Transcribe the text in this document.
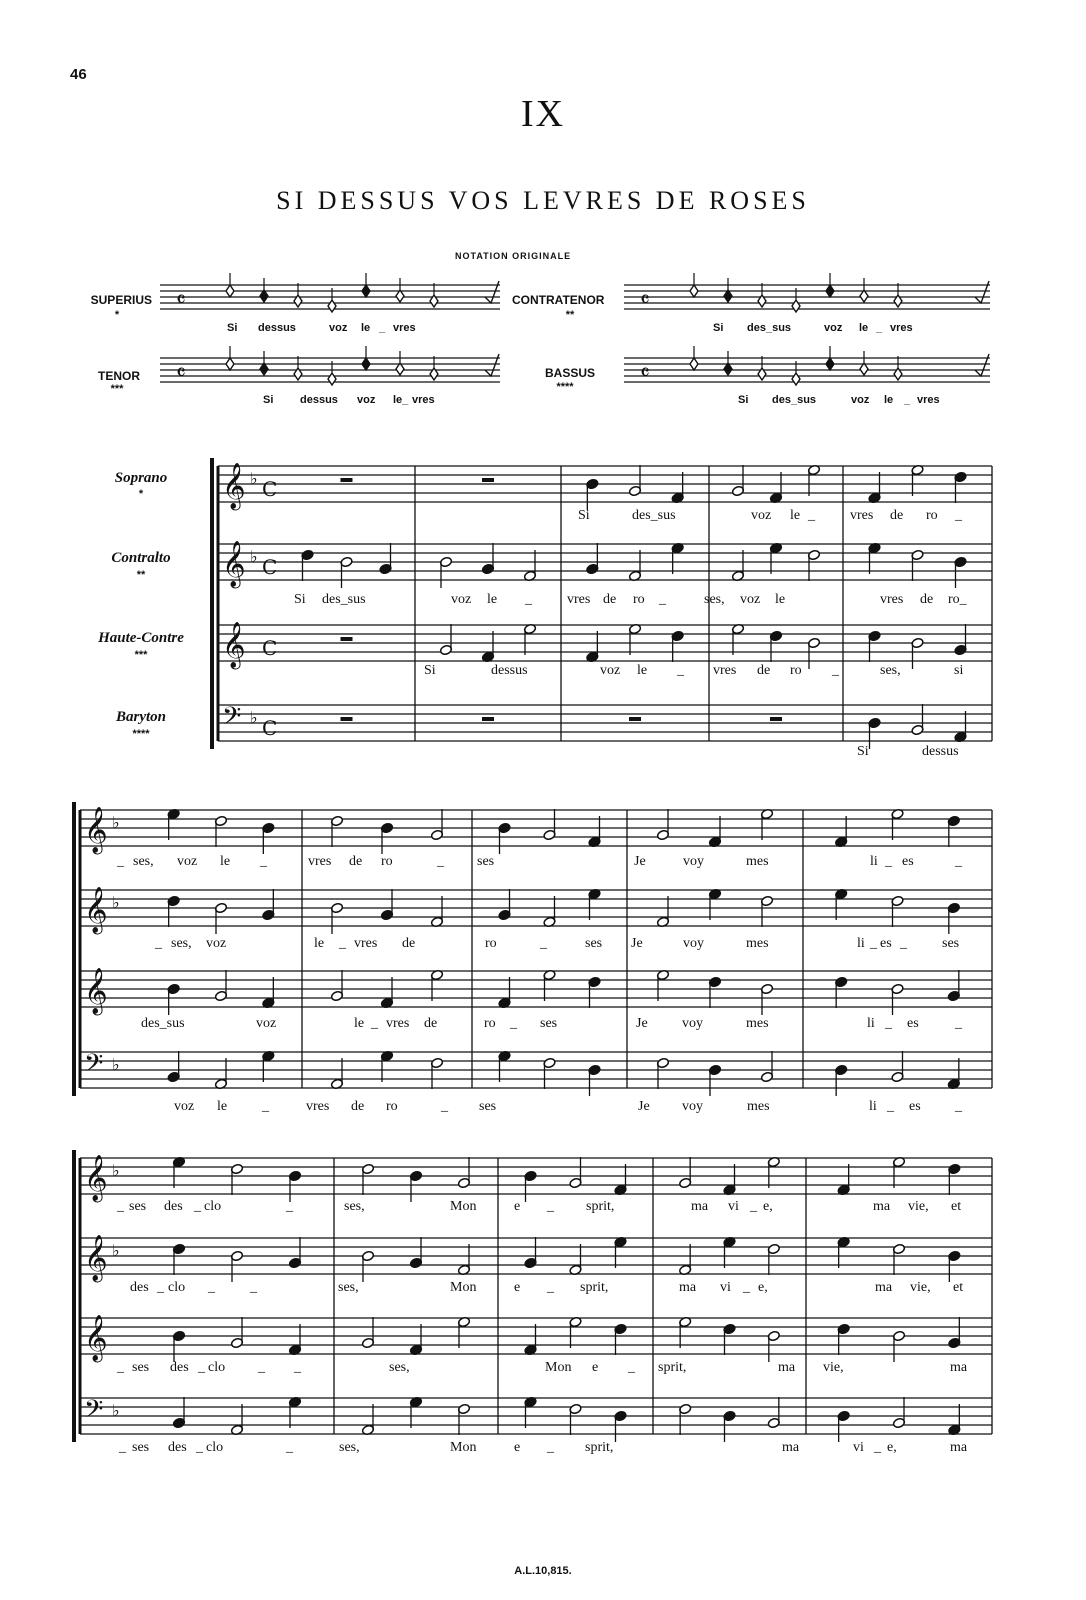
46
IX
SI DESSUS VOS LEVRES DE ROSES
NOTATION ORIGINALE
SUPERIUS
*
CONTRATENOR
**
TENOR
***
BASSUS
****
Si dessus	voz le _ vres	Si des_sus	voz le _ vres
Si dessus voz le_ vres	Si des_sus	voz le _ vres
Soprano
*
Contralto
**
Haute-Contre
***
Baryton
****
Si	des_sus	voz le _	vres de ro _
Si des_sus	voz le _	vres de ro _	ses, voz le	vres de ro_
Si	dessus	voz le _ vres de ro _	ses,	si
Si	dessus
_ ses, voz le _	vres de ro	_ ses	Je	voy	mes	li _ es	_
_ ses, voz	le _ vres de	ro	_	ses Je	voy	mes	li _ es _	ses
des_sus	voz	le _ vres de	ro _ ses	Je voy	mes	li _ es	_
voz le _	vres de ro	_ ses	Je voy	mes	li _ es _
_ ses des _ clo	_	ses,	Mon	e _ sprit,	ma vi _ e,	ma vie, et
des _ clo _	_	ses,	Mon	e _ sprit,	ma vi _ e,	ma vie, et
_ ses des _ clo _ _	ses,	Mon e _ sprit,	ma vie,	ma
_ ses des _ clo	_	ses,	Mon	e _ sprit,	ma	vi _ e,	ma
A.L.10,815.
𝄴	𝄴
𝄴	𝄴
𝄞 ♭ C
𝄞 ♭ C
𝄞 C
𝄢 ♭ C
𝄞 ♭
𝄞 ♭
𝄞
𝄢 ♭
𝄞 ♭
𝄞 ♭
𝄞
𝄢 ♭
